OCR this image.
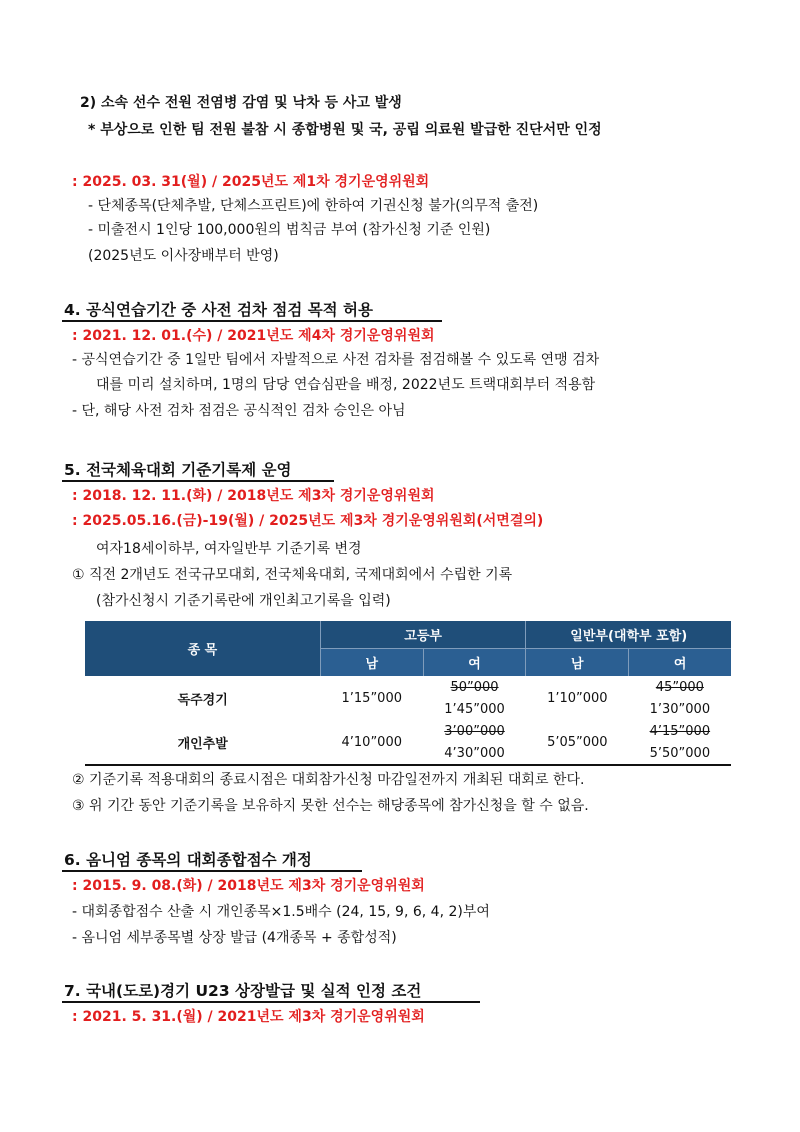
2) 소속 선수 전원 전염병 감염 및 낙차 등 사고 발생
* 부상으로 인한 팀 전원 불참 시 종합병원 및 국, 공립 의료원 발급한 진단서만 인정
: 2025. 03. 31(월) / 2025년도 제1차 경기운영위원회
- 단체종목(단체추발, 단체스프린트)에 한하여 기권신청 불가(의무적 출전)
- 미출전시 1인당 100,000원의 범칙금 부여 (참가신청 기준 인원)
(2025년도 이사장배부터 반영)
4. 공식연습기간 중 사전 검차 점검 목적 허용
: 2021. 12. 01.(수) / 2021년도 제4차 경기운영위원회
- 공식연습기간 중 1일만 팀에서 자발적으로 사전 검차를 점검해볼 수 있도록 연맹 검차
대를 미리 설치하며, 1명의 담당 연습심판을 배정, 2022년도 트랙대회부터 적용함
- 단, 해당 사전 검차 점검은 공식적인 검차 승인은 아님
5. 전국체육대회 기준기록제 운영
: 2018. 12. 11.(화) / 2018년도 제3차 경기운영위원회
: 2025.05.16.(금)-19(월) / 2025년도 제3차 경기운영위원회(서면결의)
여자18세이하부, 여자일반부 기준기록 변경
① 직전 2개년도 전국규모대회, 전국체육대회, 국제대회에서 수립한 기록
(참가신청시 기준기록란에 개인최고기록을 입력)
종 목	고등부		일반부(대학부 포함)	
	남	여	남	여
독주경기	1’15”000	50”000	1’10”000	45”000
		1’45”000		1’30”000
개인추발	4’10”000	3’00”000	5’05”000	4’15”000
		4’30”000		5’50”000
② 기준기록 적용대회의 종료시점은 대회참가신청 마감일전까지 개최된 대회로 한다.
③ 위 기간 동안 기준기록을 보유하지 못한 선수는 해당종목에 참가신청을 할 수 없음.
6. 옴니엄 종목의 대회종합점수 개정
: 2015. 9. 08.(화) / 2018년도 제3차 경기운영위원회
- 대회종합점수 산출 시 개인종목×1.5배수 (24, 15, 9, 6, 4, 2)부여
- 옴니엄 세부종목별 상장 발급 (4개종목 + 종합성적)
7. 국내(도로)경기 U23 상장발급 및 실적 인정 조건
: 2021. 5. 31.(월) / 2021년도 제3차 경기운영위원회
